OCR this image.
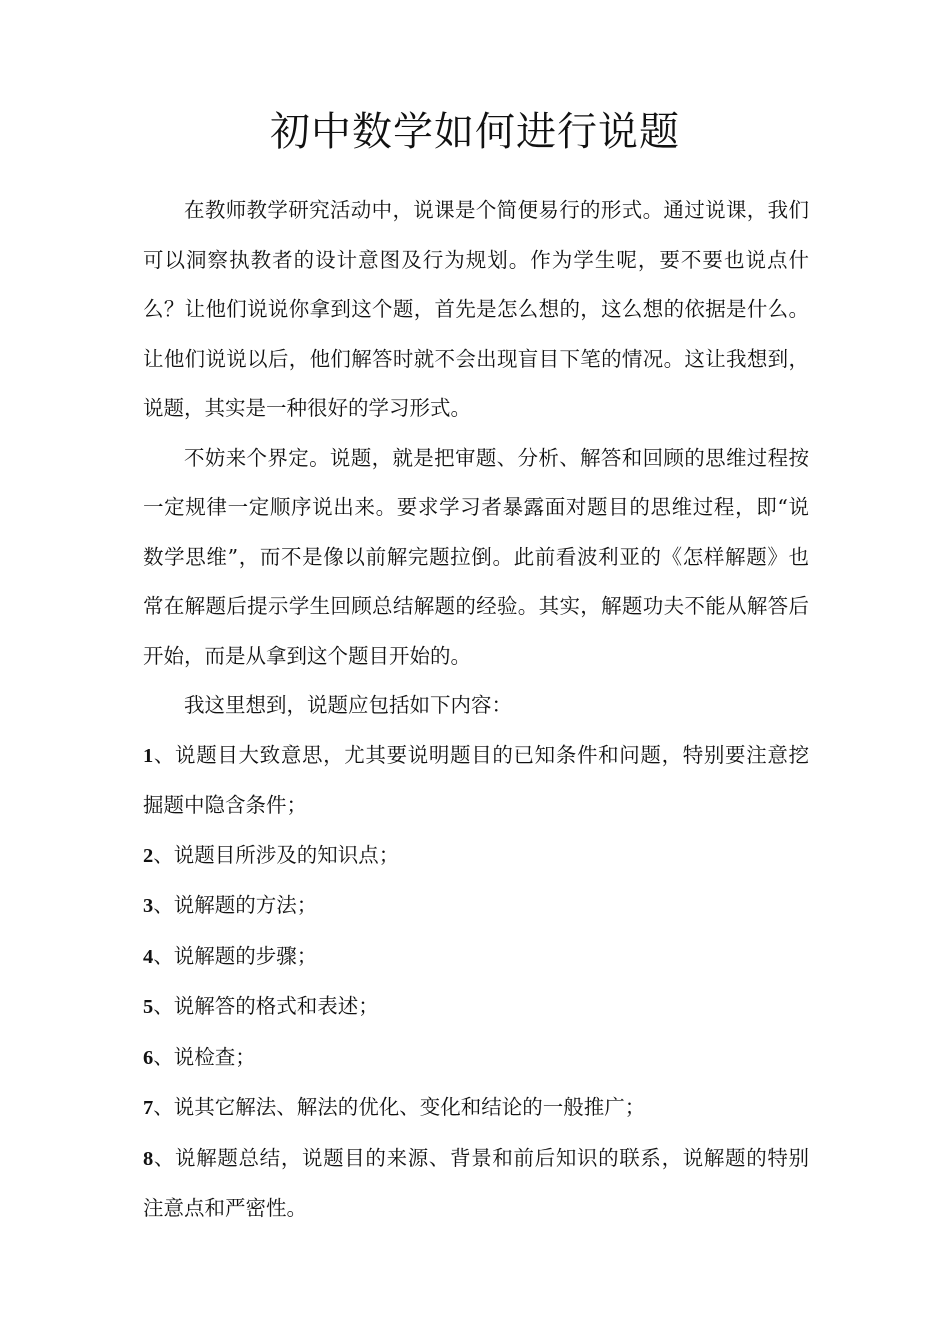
初中数学如何进行说题

在教师教学研究活动中，说课是个简便易行的形式。通过说课，我们可以洞察执教者的设计意图及行为规划。作为学生呢，要不要也说点什么？让他们说说你拿到这个题，首先是怎么想的，这么想的依据是什么。让他们说说以后，他们解答时就不会出现盲目下笔的情况。这让我想到，说题，其实是一种很好的学习形式。

不妨来个界定。说题，就是把审题、分析、解答和回顾的思维过程按一定规律一定顺序说出来。要求学习者暴露面对题目的思维过程，即“说数学思维”，而不是像以前解完题拉倒。此前看波利亚的《怎样解题》也常在解题后提示学生回顾总结解题的经验。其实，解题功夫不能从解答后开始，而是从拿到这个题目开始的。

我这里想到，说题应包括如下内容：

1、说题目大致意思，尤其要说明题目的已知条件和问题，特别要注意挖掘题中隐含条件；

2、说题目所涉及的知识点；

3、说解题的方法；

4、说解题的步骤；

5、说解答的格式和表述；

6、说检查；

7、说其它解法、解法的优化、变化和结论的一般推广；

8、说解题总结，说题目的来源、背景和前后知识的联系，说解题的特别注意点和严密性。
